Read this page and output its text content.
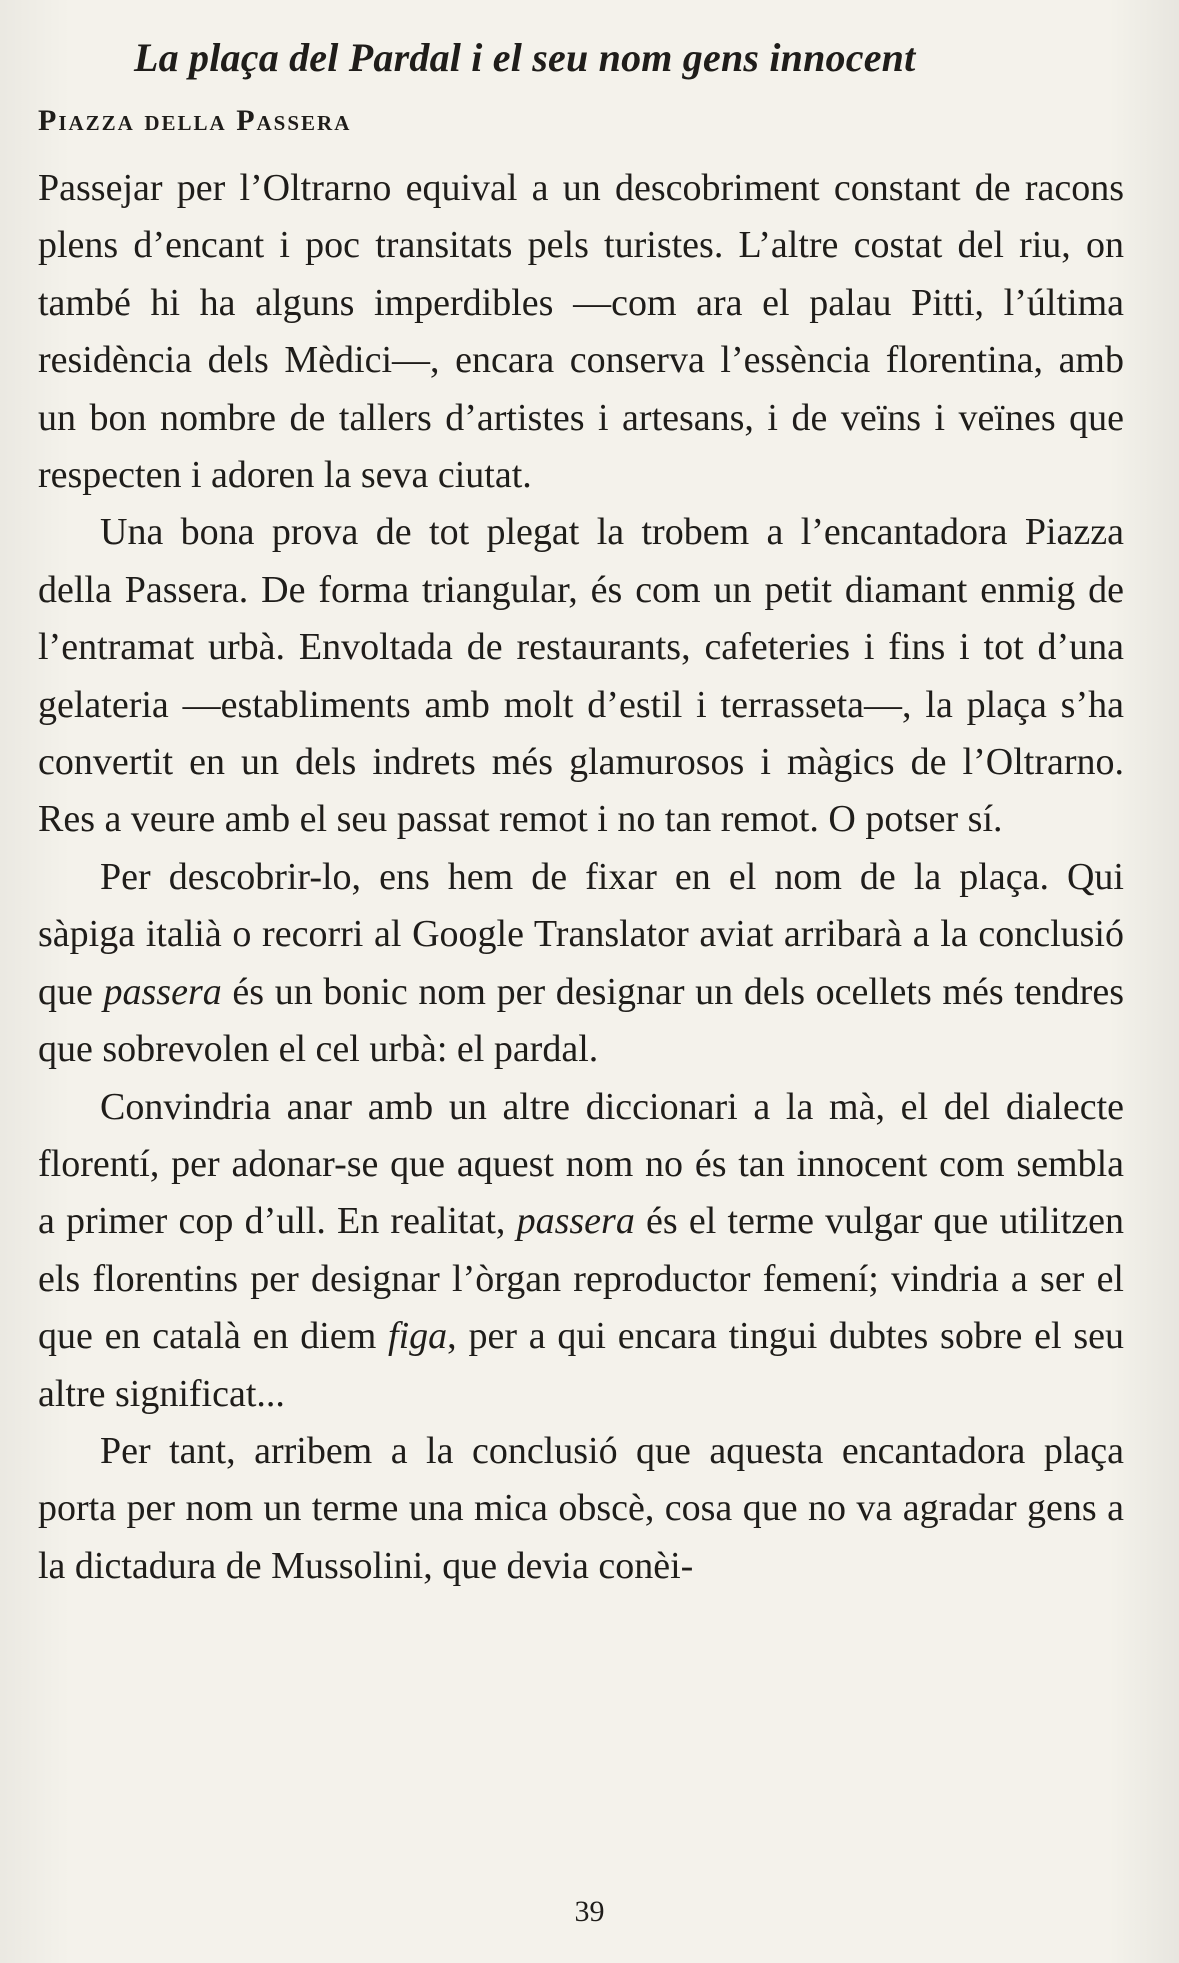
La plaça del Pardal i el seu nom gens innocent
Piazza della Passera

Passejar per l’Oltrarno equival a un descobriment constant de racons plens d’encant i poc transitats pels turistes. L’altre costat del riu, on també hi ha alguns imperdibles —com ara el palau Pitti, l’última residència dels Mèdici—, encara conserva l’essència florentina, amb un bon nombre de tallers d’artistes i artesans, i de veïns i veïnes que respecten i adoren la seva ciutat.

Una bona prova de tot plegat la trobem a l’encantadora Piazza della Passera. De forma triangular, és com un petit diamant enmig de l’entramat urbà. Envoltada de restaurants, cafeteries i fins i tot d’una gelateria —establiments amb molt d’estil i terrasseta—, la plaça s’ha convertit en un dels indrets més glamurosos i màgics de l’Oltrarno. Res a veure amb el seu passat remot i no tan remot. O potser sí.

Per descobrir-lo, ens hem de fixar en el nom de la plaça. Qui sàpiga italià o recorri al Google Translator aviat arribarà a la conclusió que passera és un bonic nom per designar un dels ocellets més tendres que sobrevolen el cel urbà: el pardal.

Convindria anar amb un altre diccionari a la mà, el del dialecte florentí, per adonar-se que aquest nom no és tan innocent com sembla a primer cop d’ull. En realitat, passera és el terme vulgar que utilitzen els florentins per designar l’òrgan reproductor femení; vindria a ser el que en català en diem figa, per a qui encara tingui dubtes sobre el seu altre significat...

Per tant, arribem a la conclusió que aquesta encantadora plaça porta per nom un terme una mica obscè, cosa que no va agradar gens a la dictadura de Mussolini, que devia conèi-

39
